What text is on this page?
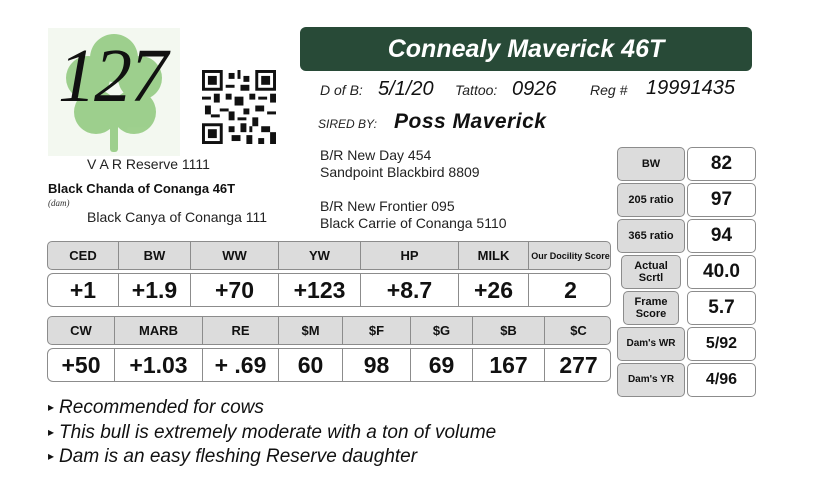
127	Connealy Maverick 46T
D of B: 5/1/20 Tattoo: 0926 Reg # 19991435
SIRED BY: Poss Maverick
V A R Reserve 1111
Black Chanda of Conanga 46T
(dam)
Black Canya of Conanga 111
B/R New Day 454
Sandpoint Blackbird 8809
B/R New Frontier 095
Black Carrie of Conanga 5110
CED	BW	WW	YW	HP	MILK	Our Docility Score
+1	+1.9	+70	+123	+8.7	+26	2
CW	MARB	RE	$M	$F	$G	$B	$C
+50	+1.03	+ .69	60	98	69	167	277
BW	82
205 ratio	97
365 ratio	94
Actual Scrtl	40.0
Frame Score	5.7
Dam's WR	5/92
Dam's YR	4/96
▸ Recommended for cows
▸ This bull is extremely moderate with a ton of volume
▸ Dam is an easy fleshing Reserve daughter
